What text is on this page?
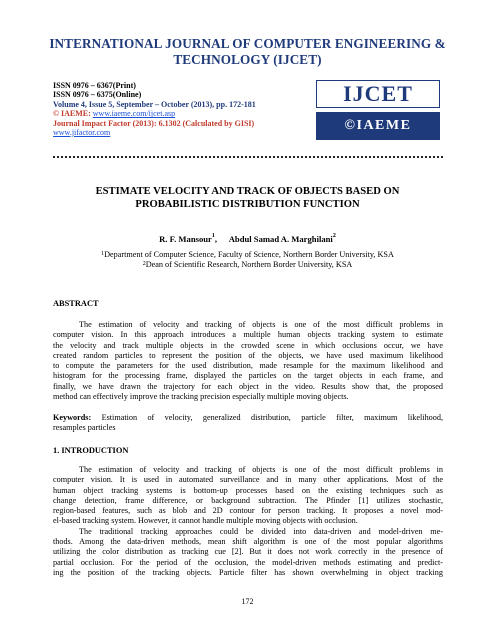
INTERNATIONAL JOURNAL OF COMPUTER ENGINEERING &
TECHNOLOGY (IJCET)
ISSN 0976 – 6367(Print)
ISSN 0976 – 6375(Online)
Volume 4, Issue 5, September – October (2013), pp. 172-181
© IAEME: www.iaeme.com/ijcet.asp
Journal Impact Factor (2013): 6.1302 (Calculated by GISI)
www.jifactor.com
IJCET
©IAEME
ESTIMATE VELOCITY AND TRACK OF OBJECTS BASED ON
PROBABILISTIC DISTRIBUTION FUNCTION
R. F. Mansour$^1$, Abdul Samad A. Marghilani$^2$
$^1$Department of Computer Science, Faculty of Science, Northern Border University, KSA
$^2$Dean of Scientific Research, Northern Border University, KSA
ABSTRACT
The estimation of velocity and tracking of objects is one of the most difficult problems in
computer vision. In this approach introduces a multiple human objects tracking system to estimate
the velocity and track multiple objects in the crowded scene in which occlusions occur, we have
created random particles to represent the position of the objects, we have used maximum likelihood
to compute the parameters for the used distribution, made resample for the maximum likelihood and
histogram for the processing frame, displayed the particles on the target objects in each frame, and
finally, we have drawn the trajectory for each object in the video. Results show that, the proposed
method can effectively improve the tracking precision especially multiple moving objects.
Keywords: Estimation of velocity, generalized distribution, particle filter, maximum likelihood,
resamples particles
1. INTRODUCTION
The estimation of velocity and tracking of objects is one of the most difficult problems in
computer vision. It is used in automated surveillance and in many other applications. Most of the
human object tracking systems is bottom-up processes based on the existing techniques such as
change detection, frame difference, or background subtraction. The Pfinder [1] utilizes stochastic,
region-based features, such as blob and 2D contour for person tracking. It proposes a novel mod-
el-based tracking system. However, it cannot handle multiple moving objects with occlusion.
The traditional tracking approaches could be divided into data-driven and model-driven me-
thods. Among the data-driven methods, mean shift algorithm is one of the most popular algorithms
utilizing the color distribution as tracking cue [2]. But it does not work correctly in the presence of
partial occlusion. For the period of the occlusion, the model-driven methods estimating and predict-
ing the position of the tracking objects. Particle filter has shown overwhelming in object tracking
172
